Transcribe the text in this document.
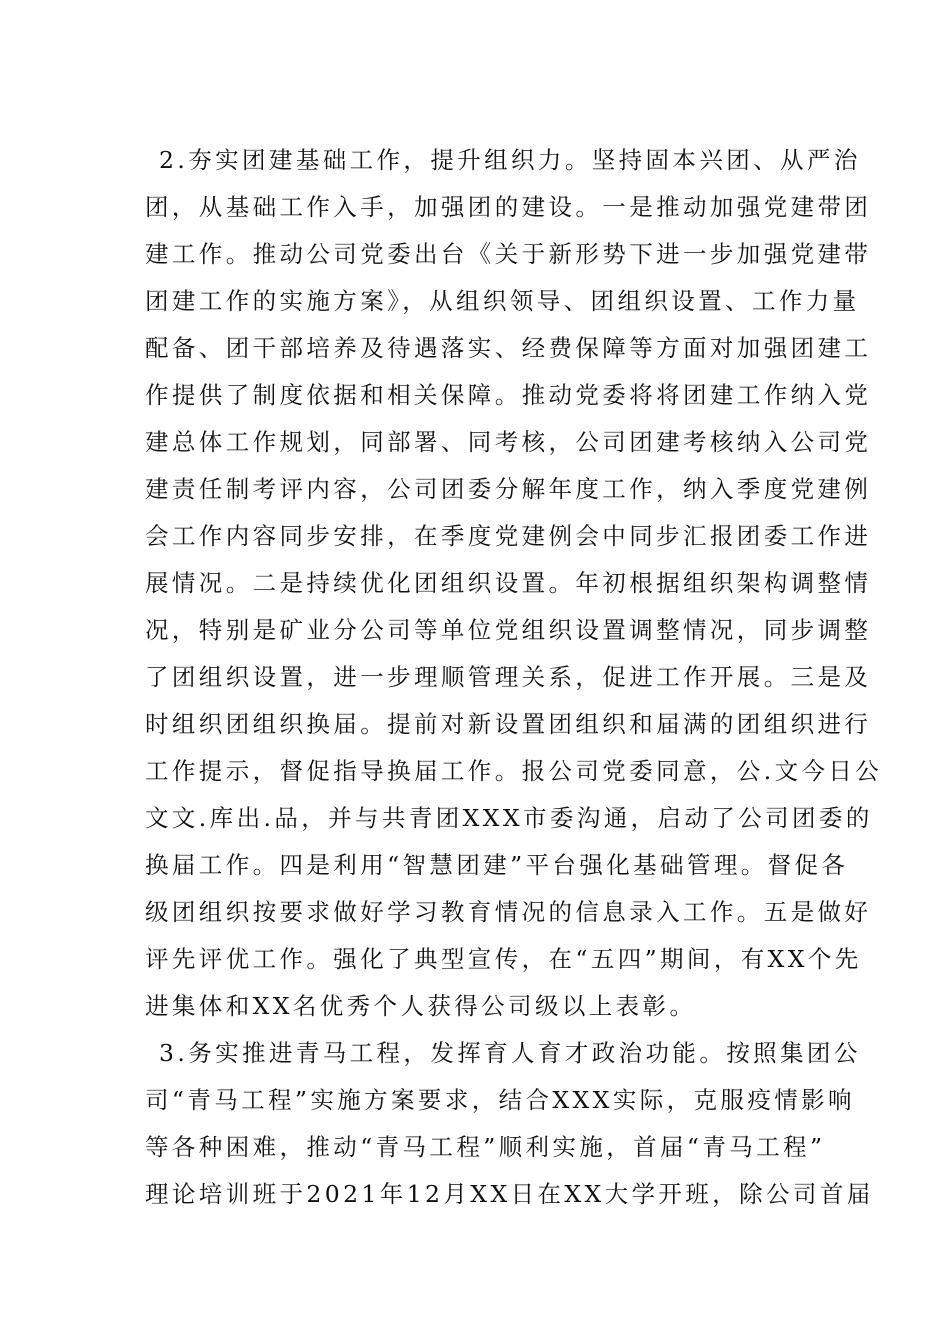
2.夯实团建基础工作，提升组织力。坚持固本兴团、从严治
团，从基础工作入手，加强团的建设。一是推动加强党建带团
建工作。推动公司党委出台《关于新形势下进一步加强党建带
团建工作的实施方案》，从组织领导、团组织设置、工作力量
配备、团干部培养及待遇落实、经费保障等方面对加强团建工
作提供了制度依据和相关保障。推动党委将将团建工作纳入党
建总体工作规划，同部署、同考核，公司团建考核纳入公司党
建责任制考评内容，公司团委分解年度工作，纳入季度党建例
会工作内容同步安排，在季度党建例会中同步汇报团委工作进
展情况。二是持续优化团组织设置。年初根据组织架构调整情
况，特别是矿业分公司等单位党组织设置调整情况，同步调整
了团组织设置，进一步理顺管理关系，促进工作开展。三是及
时组织团组织换届。提前对新设置团组织和届满的团组织进行
工作提示，督促指导换届工作。报公司党委同意，公.文今日公
文文.库出.品，并与共青团XXX市委沟通，启动了公司团委的
换届工作。四是利用“智慧团建”平台强化基础管理。督促各
级团组织按要求做好学习教育情况的信息录入工作。五是做好
评先评优工作。强化了典型宣传，在“五四”期间，有XX个先
进集体和XX名优秀个人获得公司级以上表彰。
3.务实推进青马工程，发挥育人育才政治功能。按照集团公
司“青马工程”实施方案要求，结合XXX实际，克服疫情影响
等各种困难，推动“青马工程”顺利实施，首届“青马工程”
理论培训班于2021年12月XX日在XX大学开班，除公司首届
